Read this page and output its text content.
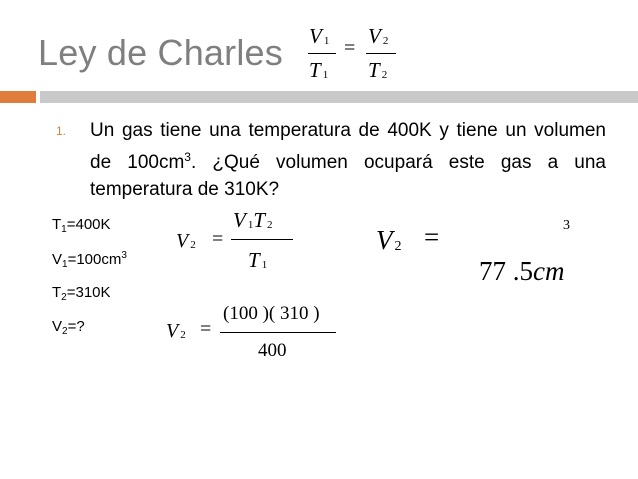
Ley de Charles V 1
T 1
= V 2
T 2
1. Un gas tiene una temperatura de 400K y tiene un volumen de $100cm^3$. ¿Qué volumen ocupará este gas a una temperatura de 310K?
$T_1=400K$
$V_1=100cm^3$
$T_2=310K$
$V_2=$?
V 2 =
V 1T 2
T 1
V 2 =
(100 )( 310 )
400
V 2 =

77 .5cm

3
